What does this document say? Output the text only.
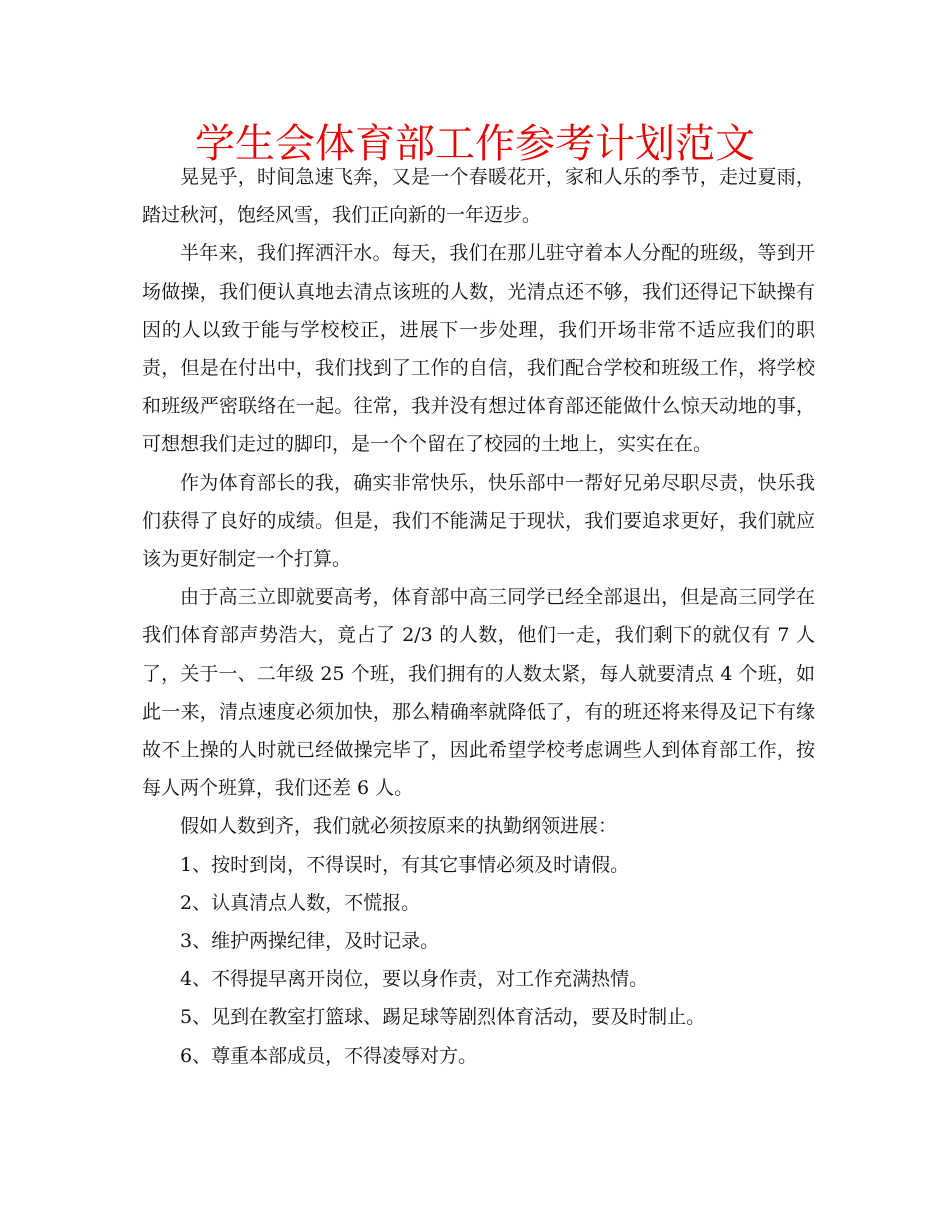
学生会体育部工作参考计划范文

晃晃乎，时间急速飞奔，又是一个春暖花开，家和人乐的季节，走过夏雨，踏过秋河，饱经风雪，我们正向新的一年迈步。

半年来，我们挥洒汗水。每天，我们在那儿驻守着本人分配的班级，等到开场做操，我们便认真地去清点该班的人数，光清点还不够，我们还得记下缺操有因的人以致于能与学校校正，进展下一步处理，我们开场非常不适应我们的职责，但是在付出中，我们找到了工作的自信，我们配合学校和班级工作，将学校和班级严密联络在一起。往常，我并没有想过体育部还能做什么惊天动地的事，可想想我们走过的脚印，是一个个留在了校园的土地上，实实在在。

作为体育部长的我，确实非常快乐，快乐部中一帮好兄弟尽职尽责，快乐我们获得了良好的成绩。但是，我们不能满足于现状，我们要追求更好，我们就应该为更好制定一个打算。

由于高三立即就要高考，体育部中高三同学已经全部退出，但是高三同学在我们体育部声势浩大，竟占了 2/3 的人数，他们一走，我们剩下的就仅有 7 人了，关于一、二年级 25 个班，我们拥有的人数太紧，每人就要清点 4 个班，如此一来，清点速度必须加快，那么精确率就降低了，有的班还将来得及记下有缘故不上操的人时就已经做操完毕了，因此希望学校考虑调些人到体育部工作，按每人两个班算，我们还差 6 人。

假如人数到齐，我们就必须按原来的执勤纲领进展：

1、按时到岗，不得误时，有其它事情必须及时请假。

2、认真清点人数，不慌报。

3、维护两操纪律，及时记录。

4、不得提早离开岗位，要以身作责，对工作充满热情。

5、见到在教室打篮球、踢足球等剧烈体育活动，要及时制止。

6、尊重本部成员，不得凌辱对方。
